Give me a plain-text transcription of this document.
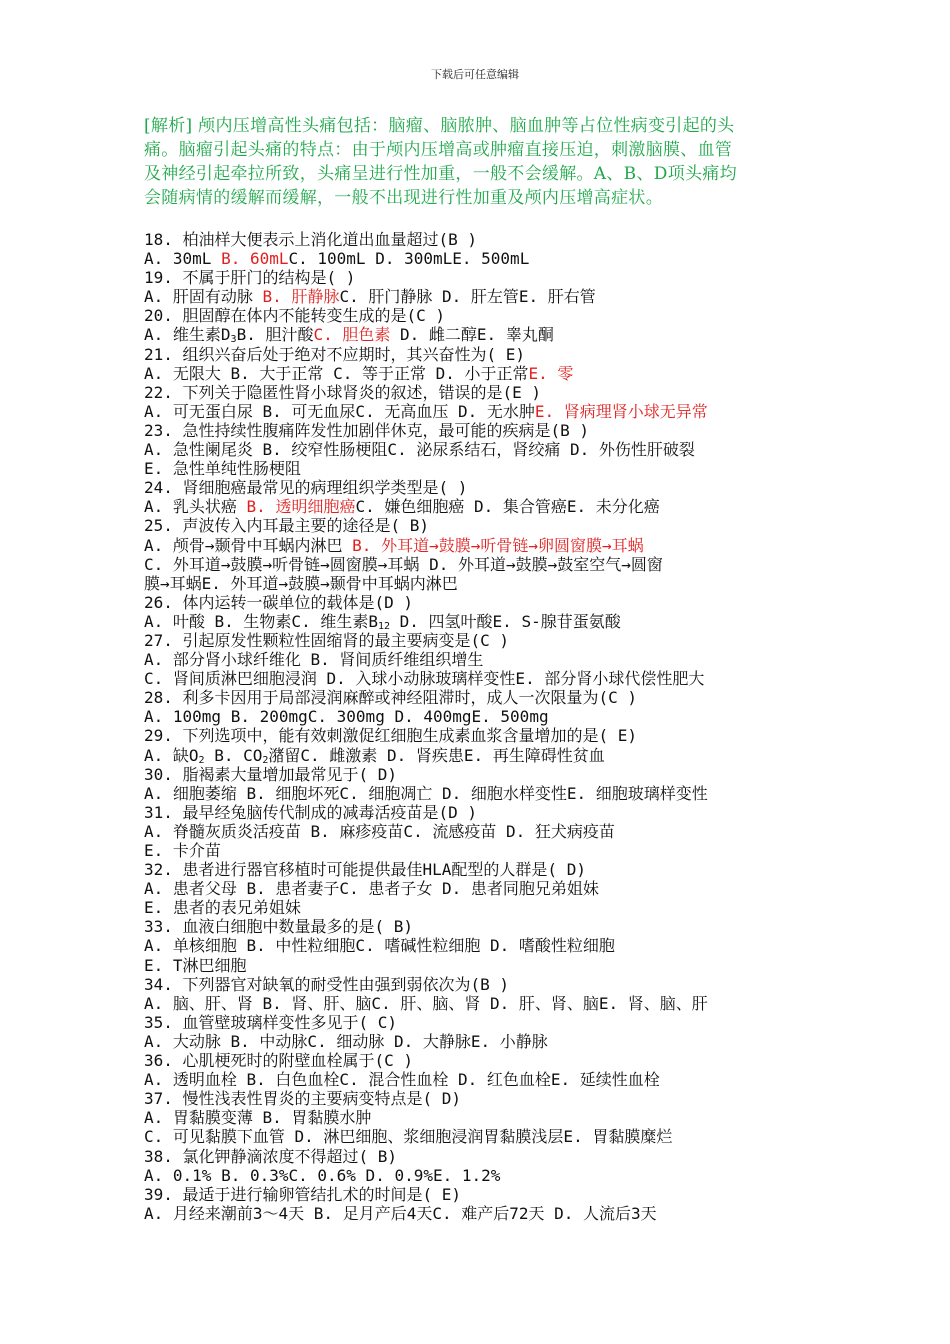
下载后可任意编辑
[解析] 颅内压增高性头痛包括：脑瘤、脑脓肿、脑血肿等占位性病变引起的头
痛。脑瘤引起头痛的特点：由于颅内压增高或肿瘤直接压迫，刺激脑膜、血管
及神经引起牵拉所致，头痛呈进行性加重，一般不会缓解。A、B、D项头痛均
会随病情的缓解而缓解，一般不出现进行性加重及颅内压增高症状。
18. 柏油样大便表示上消化道出血量超过(B )
A. 30mL B. 60mLC. 100mL D. 300mLE. 500mL
19. 不属于肝门的结构是( )
A. 肝固有动脉 B. 肝静脉C. 肝门静脉 D. 肝左管E. 肝右管
20. 胆固醇在体内不能转变生成的是(C )
A. 维生素$D_3B$. 胆汁酸C. 胆色素 D. 雌二醇E. 睾丸酮
21. 组织兴奋后处于绝对不应期时，其兴奋性为( E)
A. 无限大 B. 大于正常 C. 等于正常 D. 小于正常E. 零
22. 下列关于隐匿性肾小球肾炎的叙述，错误的是(E )
A. 可无蛋白尿 B. 可无血尿C. 无高血压 D. 无水肿E. 肾病理肾小球无异常
23. 急性持续性腹痛阵发性加剧伴休克，最可能的疾病是(B )
A. 急性阑尾炎 B. 绞窄性肠梗阻C. 泌尿系结石，肾绞痛 D. 外伤性肝破裂
E. 急性单纯性肠梗阻
24. 肾细胞癌最常见的病理组织学类型是( )
A. 乳头状癌 B. 透明细胞癌C. 嫌色细胞癌 D. 集合管癌E. 未分化癌
25. 声波传入内耳最主要的途径是( B)
A. 颅骨→颞骨中耳蜗内淋巴 B. 外耳道→鼓膜→听骨链→卵圆窗膜→耳蜗
C. 外耳道→鼓膜→听骨链→圆窗膜→耳蜗 D. 外耳道→鼓膜→鼓室空气→圆窗
膜→耳蜗E. 外耳道→鼓膜→颞骨中耳蜗内淋巴
26. 体内运转一碳单位的载体是(D )
A. 叶酸 B. 生物素C. 维生素$B_{12}$ D. 四氢叶酸E. S-腺苷蛋氨酸
27. 引起原发性颗粒性固缩肾的最主要病变是(C )
A. 部分肾小球纤维化 B. 肾间质纤维组织增生
C. 肾间质淋巴细胞浸润 D. 入球小动脉玻璃样变性E. 部分肾小球代偿性肥大
28. 利多卡因用于局部浸润麻醉或神经阻滞时，成人一次限量为(C )
A. 100mg B. 200mgC. 300mg D. 400mgE. 500mg
29. 下列选项中，能有效刺激促红细胞生成素血浆含量增加的是( E)
A. 缺$O_2$ B. $CO_2$潴留C. 雌激素 D. 肾疾患E. 再生障碍性贫血
30. 脂褐素大量增加最常见于( D)
A. 细胞萎缩 B. 细胞坏死C. 细胞凋亡 D. 细胞水样变性E. 细胞玻璃样变性
31. 最早经兔脑传代制成的减毒活疫苗是(D )
A. 脊髓灰质炎活疫苗 B. 麻疹疫苗C. 流感疫苗 D. 狂犬病疫苗
E. 卡介苗
32. 患者进行器官移植时可能提供最佳HLA配型的人群是( D)
A. 患者父母 B. 患者妻子C. 患者子女 D. 患者同胞兄弟姐妹
E. 患者的表兄弟姐妹
33. 血液白细胞中数量最多的是( B)
A. 单核细胞 B. 中性粒细胞C. 嗜碱性粒细胞 D. 嗜酸性粒细胞
E. T淋巴细胞
34. 下列器官对缺氧的耐受性由强到弱依次为(B )
A. 脑、肝、肾 B. 肾、肝、脑C. 肝、脑、肾 D. 肝、肾、脑E. 肾、脑、肝
35. 血管壁玻璃样变性多见于( C)
A. 大动脉 B. 中动脉C. 细动脉 D. 大静脉E. 小静脉
36. 心肌梗死时的附壁血栓属于(C )
A. 透明血栓 B. 白色血栓C. 混合性血栓 D. 红色血栓E. 延续性血栓
37. 慢性浅表性胃炎的主要病变特点是( D)
A. 胃黏膜变薄 B. 胃黏膜水肿
C. 可见黏膜下血管 D. 淋巴细胞、浆细胞浸润胃黏膜浅层E. 胃黏膜糜烂
38. 氯化钾静滴浓度不得超过( B)
A. 0.1% B. 0.3%C. 0.6% D. 0.9%E. 1.2%
39. 最适于进行输卵管结扎术的时间是( E)
A. 月经来潮前3～4天 B. 足月产后4天C. 难产后72天 D. 人流后3天
